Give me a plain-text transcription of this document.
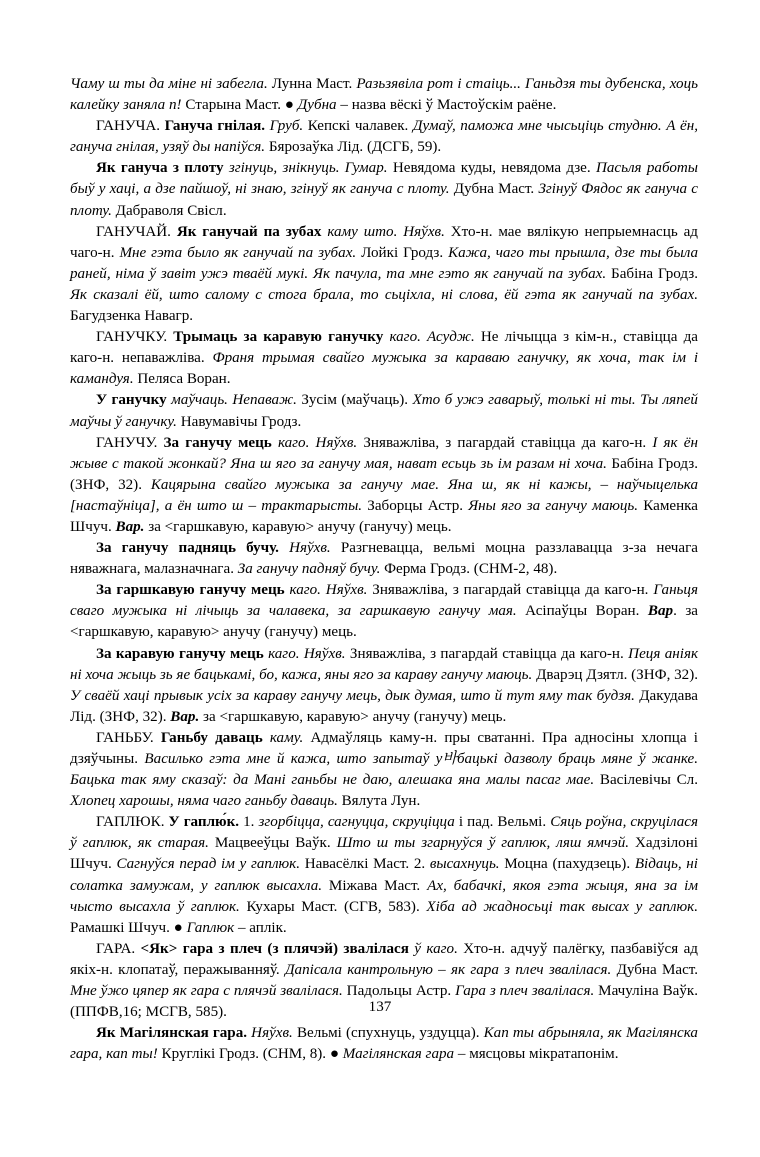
Чаму ш ты да міне ні забегла. Лунна Маст. Разьзявіла рот і стаіць... Ганьдзя ты дубенска, хоць калейку заняла п! Старына Маст. ● Дубна – назва вёскі ў Мастоўскім раёне.

ГАНУЧА. Гануча гнілая. Груб. Кепскі чалавек. Думаў, паможа мне чысьціць студню. А ён, гануча гнілая, узяў ды напіўся. Бярозаўка Лід. (ДСГБ, 59).

Як гануча з плоту згінуць, знікнуць. Гумар. Невядома куды, невядома дзе. Пасьля работы быў у хаці, а дзе пайшоў, ні знаю, згінуў як гануча с плоту. Дубна Маст. Згінуў Фядос як гануча с плоту. Дабраволя Свісл.

ГАНУЧАЙ. Як ганучай па зубах каму што. Няўхв. Хто-н. мае вялікую непрыемнасць ад чаго-н. Мне гэта было як ганучай па зубах. Лойкі Гродз. Кажа, чаго ты прышла, дзе ты была раней, німа ў завіт ужэ тваёй мукі. Як пачула, та мне гэто як ганучай па зубах. Бабіна Гродз. Як сказалі ёй, што салому с стога брала, то сьціхла, ні слова, ёй гэта як ганучай па зубах. Багудзенка Навагр.

ГАНУЧКУ. Трымаць за каравую ганучку каго. Асудж. Не лічыцца з кім-н., ставіцца да каго-н. непаважліва. Франя трымая свайго мужыка за караваю ганучку, як хоча, так ім і камандуя. Пеляса Воран.

У ганучку маўчаць. Непаваж. Зусім (маўчаць). Хто б ужэ гаварыў, толькі ні ты. Ты ляпей маўчы ў ганучку. Навумавічы Гродз.

ГАНУЧУ. За ганучу мець каго. Няўхв. Зняважліва, з пагардай ставіцца да каго-н. І як ён жыве с такой жонкай? Яна ш яго за ганучу мая, нават есьць зь ім разам ні хоча. Бабіна Гродз. (ЗНФ, 32). Кацярына свайго мужыка за ганучу мае. Яна ш, як ні кажы, – наўчыцелька [настаўніца], а ён што ш – трактарысты. Заборцы Астр. Яны яго за ганучу маюць. Каменка Шчуч. Вар. за <гаршкавую, каравую> анучу (ганучу) мець.

За ганучу падняць бучу. Няўхв. Разгневацца, вельмі моцна раззлавацца з-за нечага няважнага, малазначнага. За ганучу падняў бучу. Ферма Гродз. (СНМ-2, 48).

За гаршкавую ганучу мець каго. Няўхв. Зняважліва, з пагардай ставіцца да каго-н. Ганьця сваго мужыка ні лічыць за чалавека, за гаршкавую ганучу мая. Асіпаўцы Воран. Вар. за <гаршкавую, каравую> анучу (ганучу) мець.

За каравую ганучу мець каго. Няўхв. Зняважліва, з пагардай ставіцца да каго-н. Пеця аніяк ні хоча жыць зь яе бацькамі, бо, кажа, яны яго за караву ганучу маюць. Дварэц Дзятл. (ЗНФ, 32). У сваёй хаці прывык усіх за караву ганучу мець, дык думая, што й тут яму так будзя. Дакудава Лід. (ЗНФ, 32). Вар. за <гаршкавую, каравую> анучу (ганучу) мець.

ГАНЬБУ. Ганьбу даваць каму. Адмаўляць каму-н. пры сватанні. Пра адносіны хлопца і дзяўчыны. Василько гэта мне й кажа, што запытаў у바бацькі дазволу браць мяне ў жанке. Бацька так яму сказаў: да Мані ганьбы не даю, алешака яна малы пасаг мае. Васілевічы Сл. Хлопец харошы, няма чаго ганьбу даваць. Вялута Лун.

ГАПЛЮК. У гаплю́к. 1. згорбіцца, сагнуцца, скруціцца і пад. Вельмі. Сяць роўна, скруцілася ў гаплюк, як старая. Мацвееўцы Ваўк. Што ш ты згарнуўся ў гаплюк, ляш ямчэй. Хадзілоні Шчуч. Сагнуўся перад ім у гаплюк. Навасёлкі Маст. 2. высахнуць. Моцна (пахудзець). Відаць, ні солатка замужам, у гаплюк высахла. Міжава Маст. Ах, бабачкі, якоя гэта жыця, яна за ім чысто высахла ў гаплюк. Кухары Маст. (СГВ, 583). Хіба ад жадносьці так высах у гаплюк. Рамашкі Шчуч. ● Гаплюк – аплік.

ГАРА. <Як> гара з плеч (з плячэй) звалілася ў каго. Хто-н. адчуў палёгку, пазбавіўся ад якіх-н. клопатаў, перажыванняў. Дапісала кантрольную – як гара з плеч звалілася. Дубна Маст. Мне ўжо цяпер як гара с плячэй звалілася. Падольцы Астр. Гара з плеч звалілася. Мачуліна Ваўк. (ППФВ,16; МСГВ, 585).

Як Магілянская гара. Няўхв. Вельмі (спухнуць, уздуцца). Кап ты абрыняла, як Магілянска гара, кап ты! Круглікі Гродз. (СНМ, 8). ● Магілянская гара – мясцовы мікратапонім.

137
